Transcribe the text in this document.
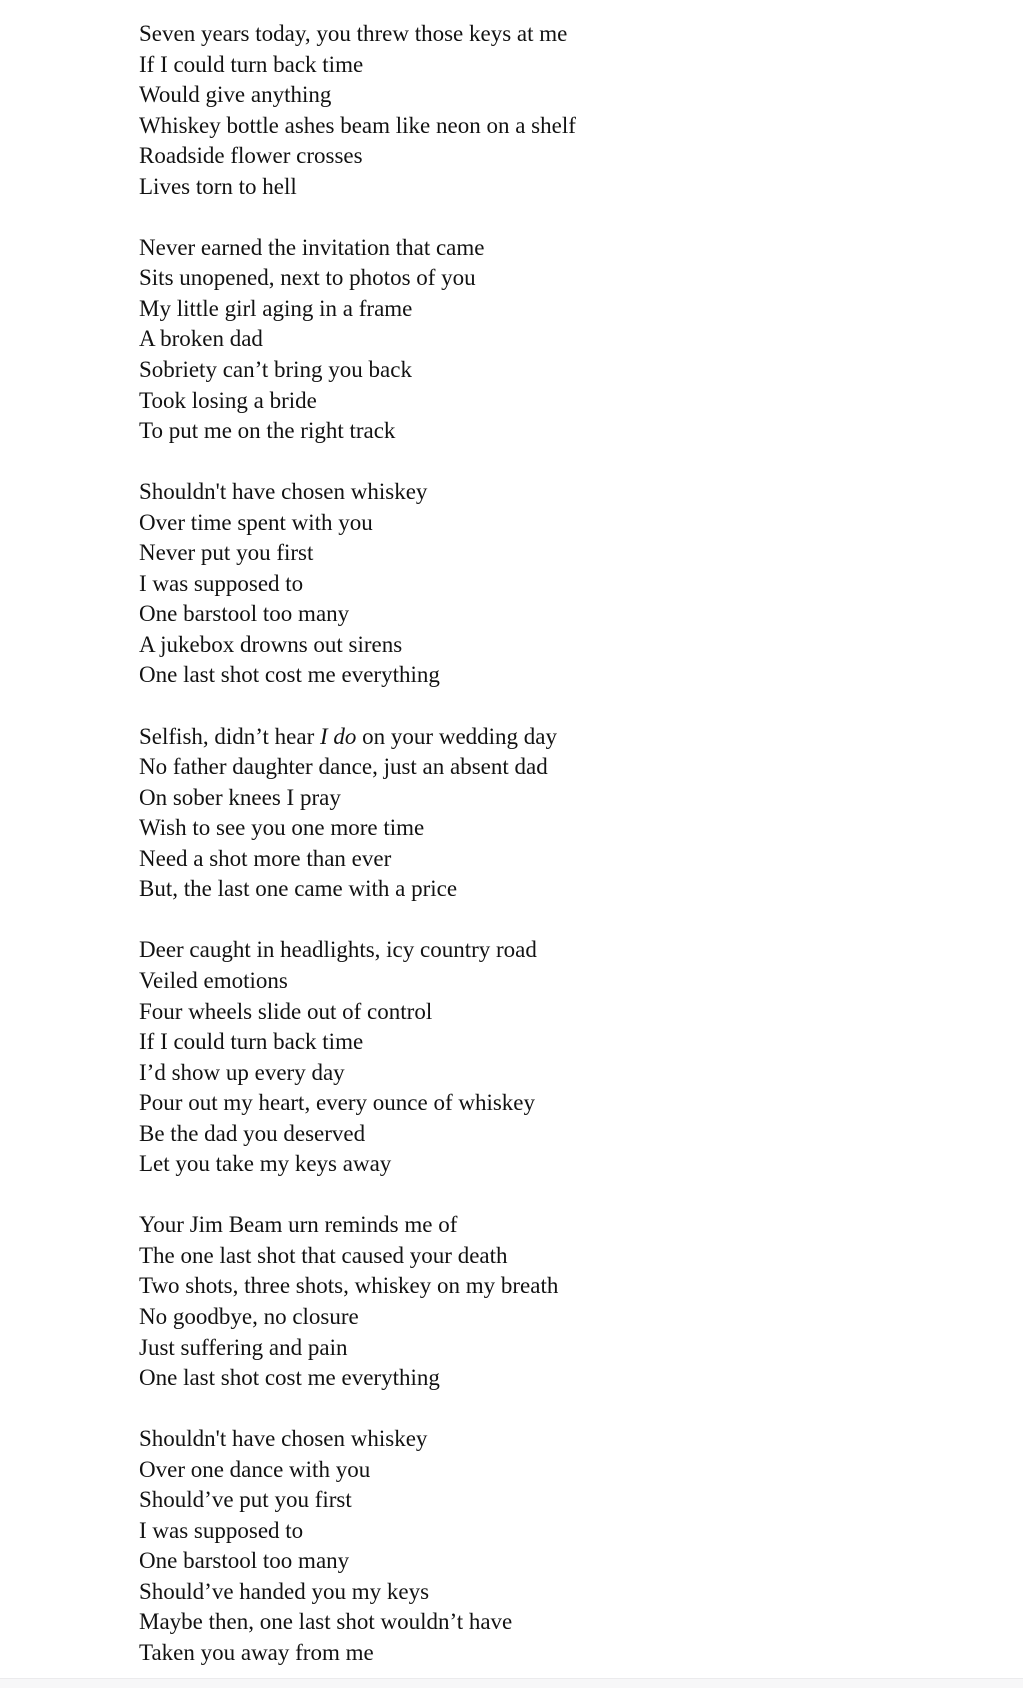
Seven years today, you threw those keys at me
If I could turn back time
Would give anything
Whiskey bottle ashes beam like neon on a shelf
Roadside flower crosses
Lives torn to hell
Never earned the invitation that came
Sits unopened, next to photos of you
My little girl aging in a frame
A broken dad
Sobriety can’t bring you back
Took losing a bride
To put me on the right track
Shouldn't have chosen whiskey
Over time spent with you
Never put you first
I was supposed to
One barstool too many
A jukebox drowns out sirens
One last shot cost me everything
Selfish, didn’t hear I do on your wedding day
No father daughter dance, just an absent dad
On sober knees I pray
Wish to see you one more time
Need a shot more than ever
But, the last one came with a price
Deer caught in headlights, icy country road
Veiled emotions
Four wheels slide out of control
If I could turn back time
I’d show up every day
Pour out my heart, every ounce of whiskey
Be the dad you deserved
Let you take my keys away
Your Jim Beam urn reminds me of
The one last shot that caused your death
Two shots, three shots, whiskey on my breath
No goodbye, no closure
Just suffering and pain
One last shot cost me everything
Shouldn't have chosen whiskey
Over one dance with you
Should’ve put you first
I was supposed to
One barstool too many
Should’ve handed you my keys
Maybe then, one last shot wouldn’t have
Taken you away from me
